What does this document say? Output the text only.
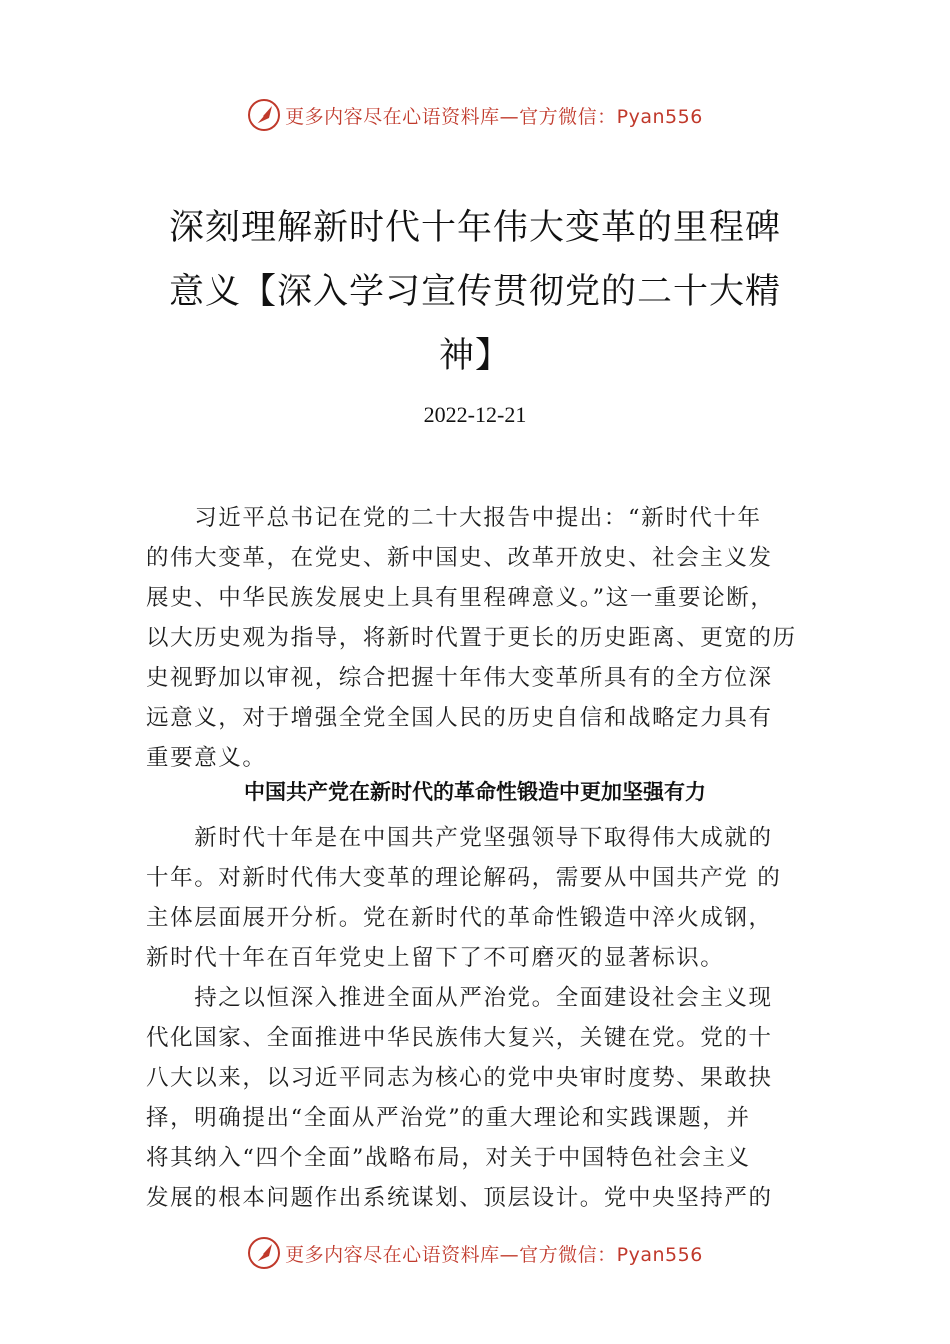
更多内容尽在心语资料库—官方微信：Pyan556
深刻理解新时代十年伟大变革的里程碑
意义【深入学习宣传贯彻党的二十大精
神】
2022-12-21
　　习近平总书记在党的二十大报告中提出：“新时代十年
的伟大变革，在党史、新中国史、改革开放史、社会主义发
展史、中华民族发展史上具有里程碑意义。”这一重要论断，
以大历史观为指导，将新时代置于更长的历史距离、更宽的历
史视野加以审视，综合把握十年伟大变革所具有的全方位深
远意义，对于增强全党全国人民的历史自信和战略定力具有
重要意义。
中国共产党在新时代的革命性锻造中更加坚强有力
　　新时代十年是在中国共产党坚强领导下取得伟大成就的
十年。对新时代伟大变革的理论解码，需要从中国共产党 的
主体层面展开分析。党在新时代的革命性锻造中淬火成钢，
新时代十年在百年党史上留下了不可磨灭的显著标识。
　　持之以恒深入推进全面从严治党。全面建设社会主义现
代化国家、全面推进中华民族伟大复兴，关键在党。党的十
八大以来，以习近平同志为核心的党中央审时度势、果敢抉
择，明确提出“全面从严治党”的重大理论和实践课题，并
将其纳入“四个全面”战略布局，对关于中国特色社会主义
发展的根本问题作出系统谋划、顶层设计。党中央坚持严的
更多内容尽在心语资料库—官方微信：Pyan556
